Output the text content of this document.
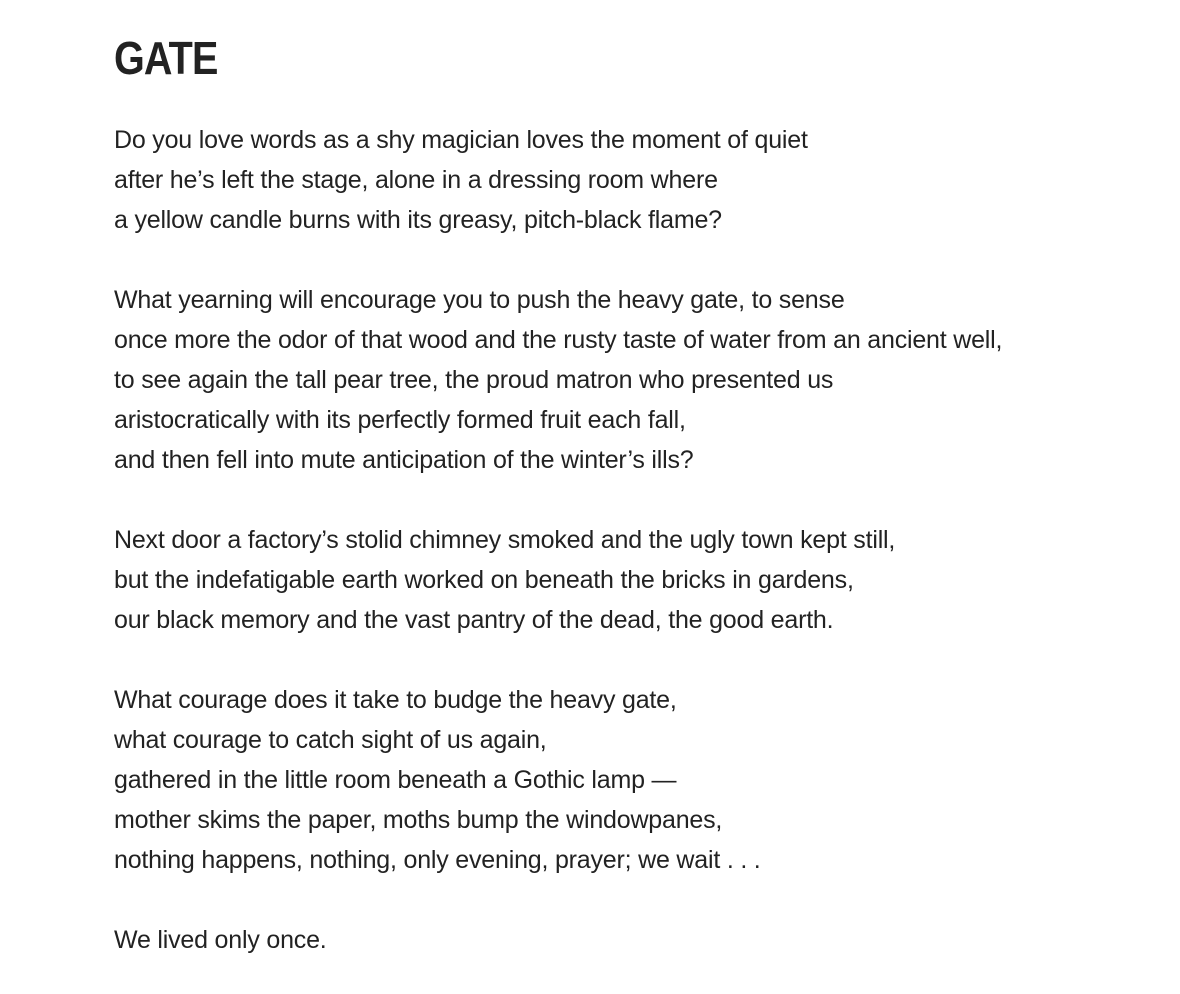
GATE

Do you love words as a shy magician loves the moment of quiet
after he’s left the stage, alone in a dressing room where
a yellow candle burns with its greasy, pitch-black flame?

What yearning will encourage you to push the heavy gate, to sense
once more the odor of that wood and the rusty taste of water from an ancient well,
to see again the tall pear tree, the proud matron who presented us
aristocratically with its perfectly formed fruit each fall,
and then fell into mute anticipation of the winter’s ills?

Next door a factory’s stolid chimney smoked and the ugly town kept still,
but the indefatigable earth worked on beneath the bricks in gardens,
our black memory and the vast pantry of the dead, the good earth.

What courage does it take to budge the heavy gate,
what courage to catch sight of us again,
gathered in the little room beneath a Gothic lamp —
mother skims the paper, moths bump the windowpanes,
nothing happens, nothing, only evening, prayer; we wait . . .

We lived only once.
